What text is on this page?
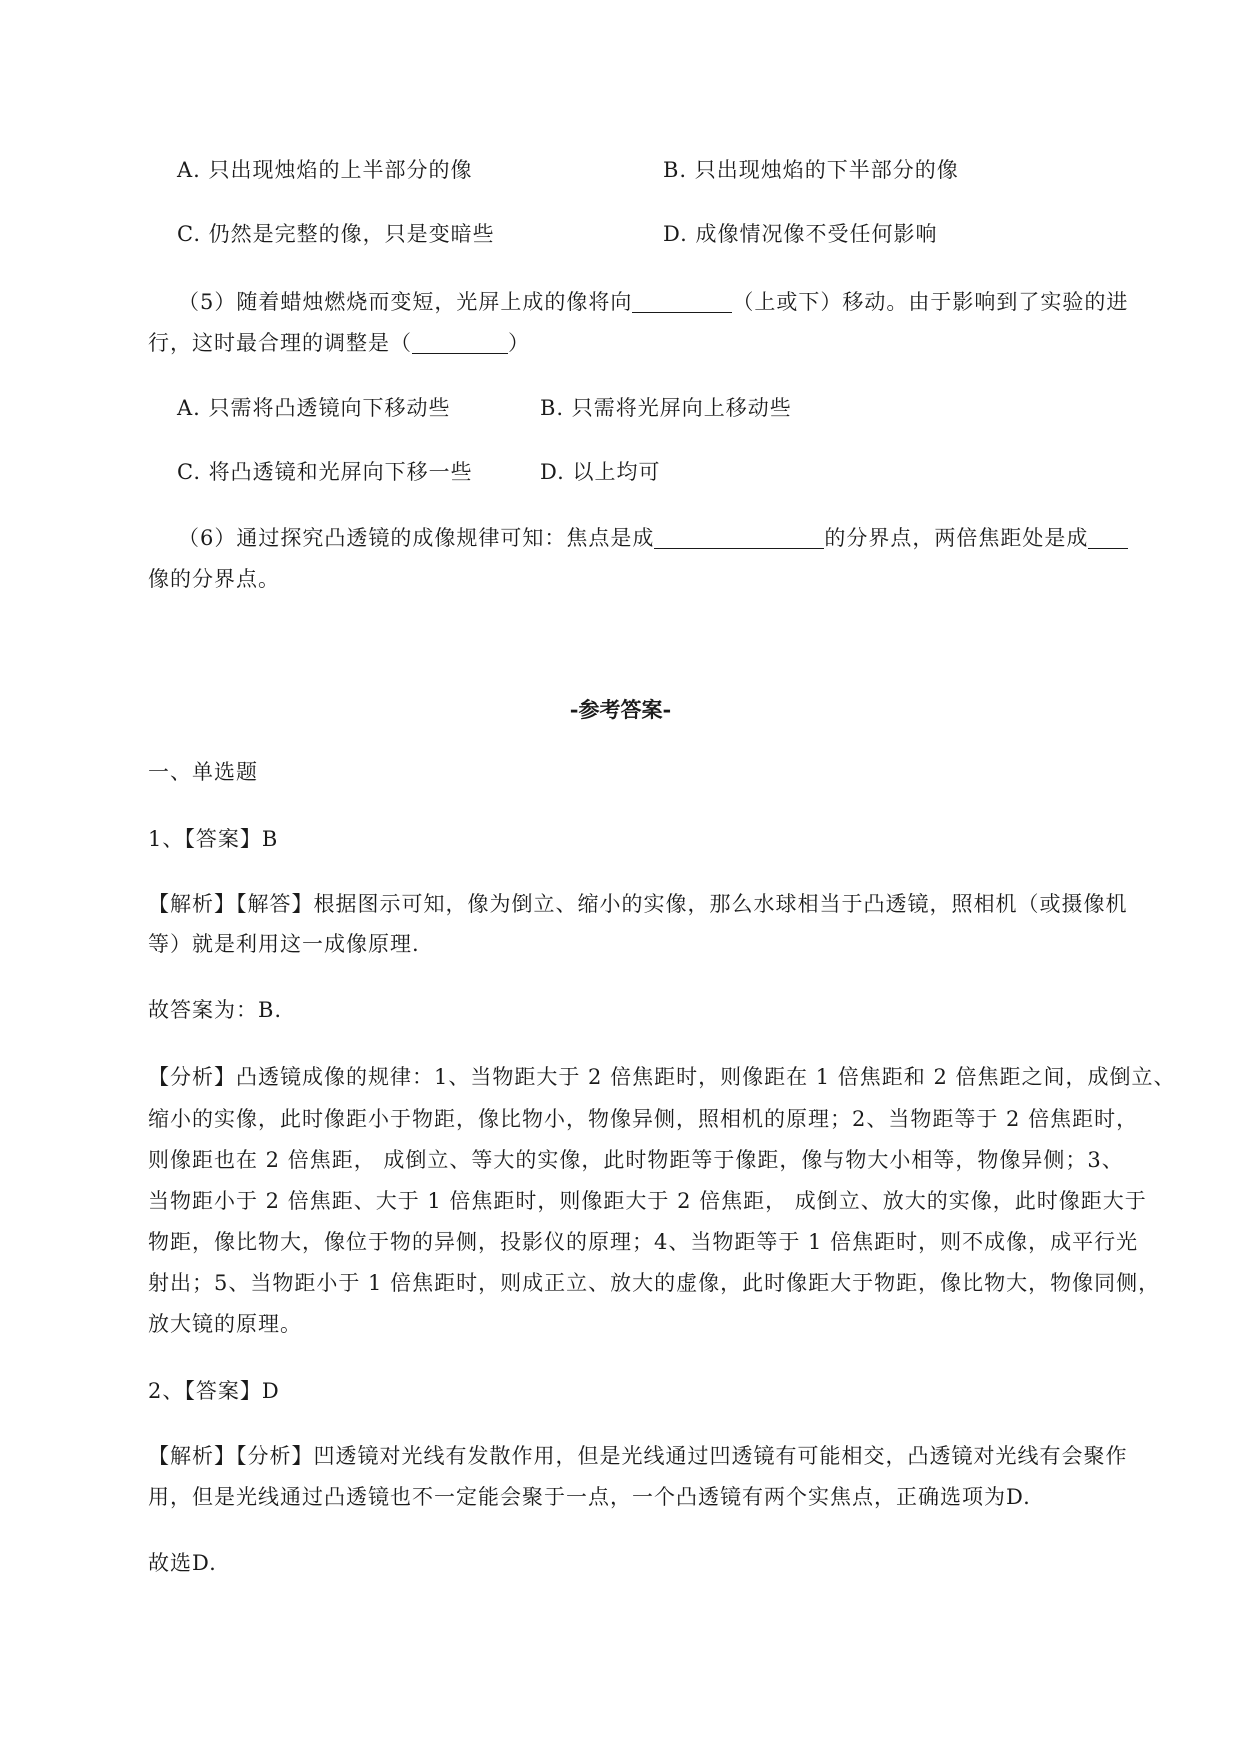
A. 只出现烛焰的上半部分的像	B. 只出现烛焰的下半部分的像
C. 仍然是完整的像，只是变暗些	D. 成像情况像不受任何影响
（5）随着蜡烛燃烧而变短，光屏上成的像将向	（上或下）移动。由于影响到了实验的进
行，这时最合理的调整是（	）
A. 只需将凸透镜向下移动些	B. 只需将光屏向上移动些
C. 将凸透镜和光屏向下移一些	D. 以上均可
（6）通过探究凸透镜的成像规律可知：焦点是成	的分界点，两倍焦距处是成
像的分界点。
-参考答案-
一、单选题
1、【答案】B
【解析】【解答】根据图示可知，像为倒立、缩小的实像，那么水球相当于凸透镜，照相机（或摄像机
等）就是利用这一成像原理.
故答案为：B.
【分析】凸透镜成像的规律：1、当物距大于 2 倍焦距时，则像距在 1 倍焦距和 2 倍焦距之间，成倒立、
缩小的实像，此时像距小于物距，像比物小，物像异侧，照相机的原理；2、当物距等于 2 倍焦距时，
则像距也在 2 倍焦距， 成倒立、等大的实像，此时物距等于像距，像与物大小相等，物像异侧；3、
当物距小于 2 倍焦距、大于 1 倍焦距时，则像距大于 2 倍焦距， 成倒立、放大的实像，此时像距大于
物距，像比物大，像位于物的异侧，投影仪的原理；4、当物距等于 1 倍焦距时，则不成像，成平行光
射出；5、当物距小于 1 倍焦距时，则成正立、放大的虚像，此时像距大于物距，像比物大，物像同侧，
放大镜的原理。
2、【答案】D
【解析】【分析】凹透镜对光线有发散作用，但是光线通过凹透镜有可能相交，凸透镜对光线有会聚作
用，但是光线通过凸透镜也不一定能会聚于一点，一个凸透镜有两个实焦点，正确选项为D.
故选D.
